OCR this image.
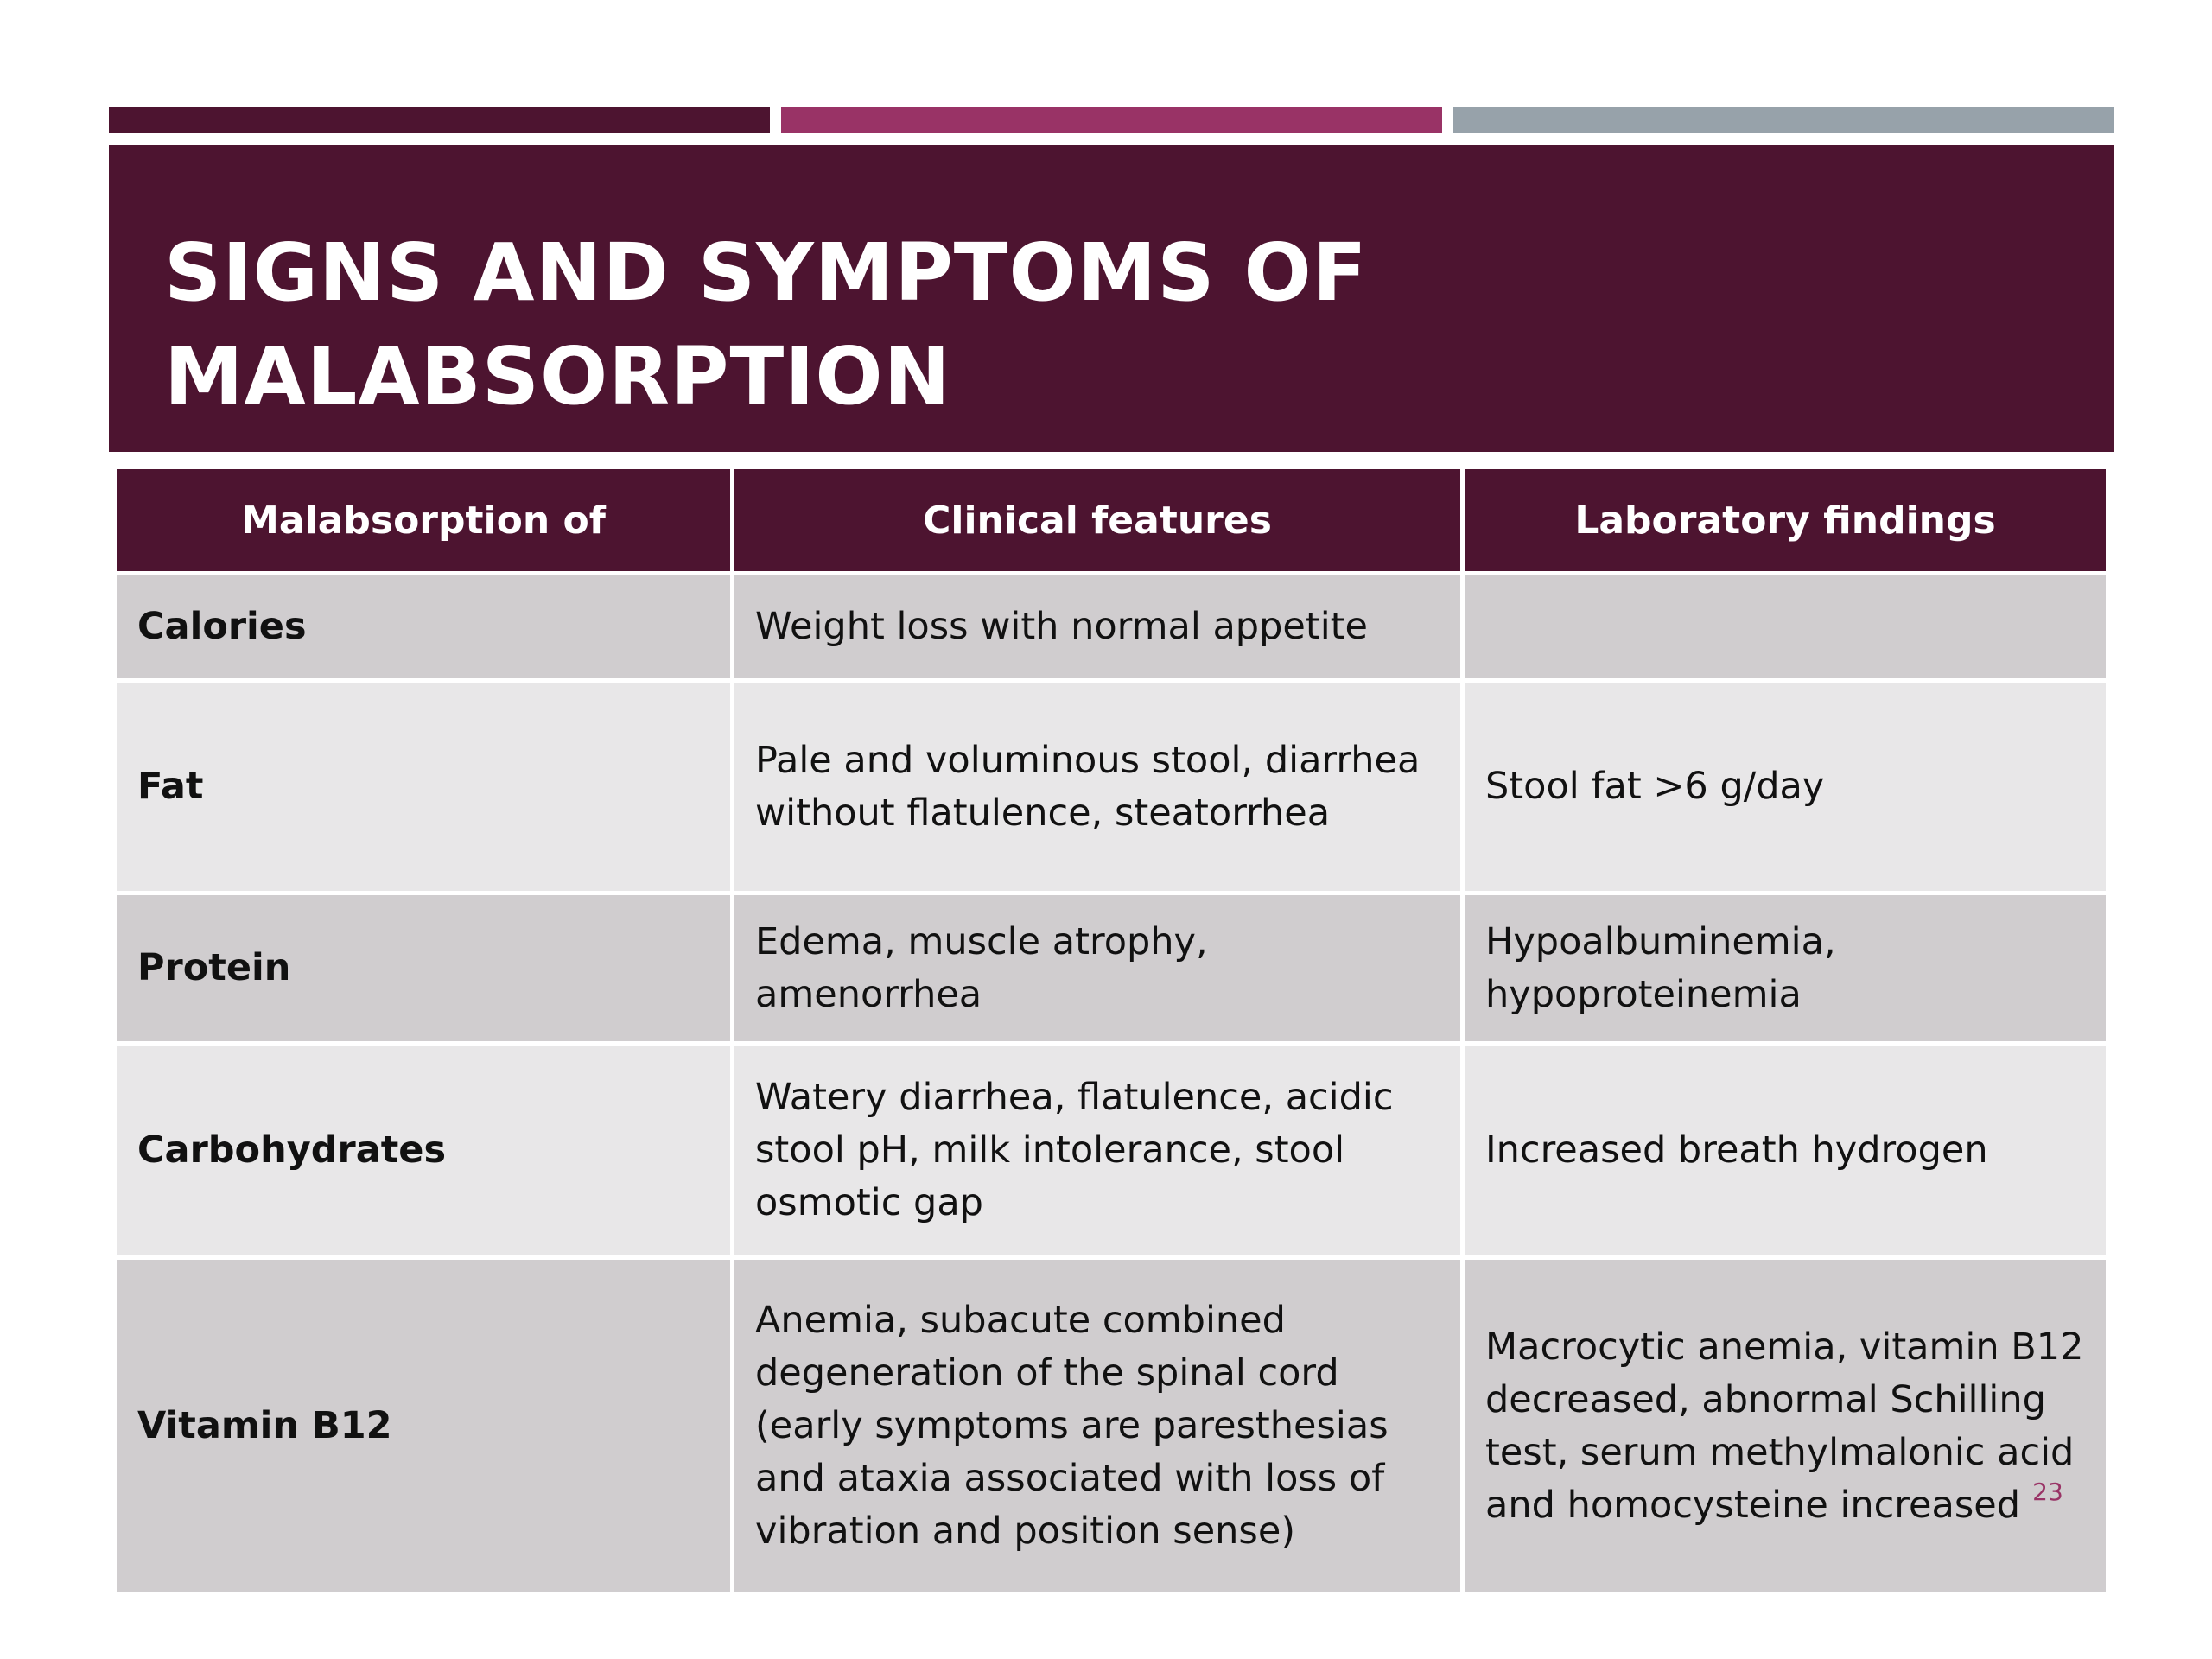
SIGNS AND SYMPTOMS OF MALABSORPTION
Malabsorption of	Clinical features	Laboratory findings
Calories	Weight loss with normal appetite	
Fat	Pale and voluminous stool, diarrhea without flatulence, steatorrhea	Stool fat >6 g/day
Protein	Edema, muscle atrophy, amenorrhea	Hypoalbuminemia, hypoproteinemia
Carbohydrates	Watery diarrhea, flatulence, acidic stool pH, milk intolerance, stool osmotic gap	Increased breath hydrogen
Vitamin B12	Anemia, subacute combined degeneration of the spinal cord (early symptoms are paresthesias and ataxia associated with loss of vibration and position sense)	Macrocytic anemia, vitamin B12 decreased, abnormal Schilling test, serum methylmalonic acid and homocysteine increased 23
